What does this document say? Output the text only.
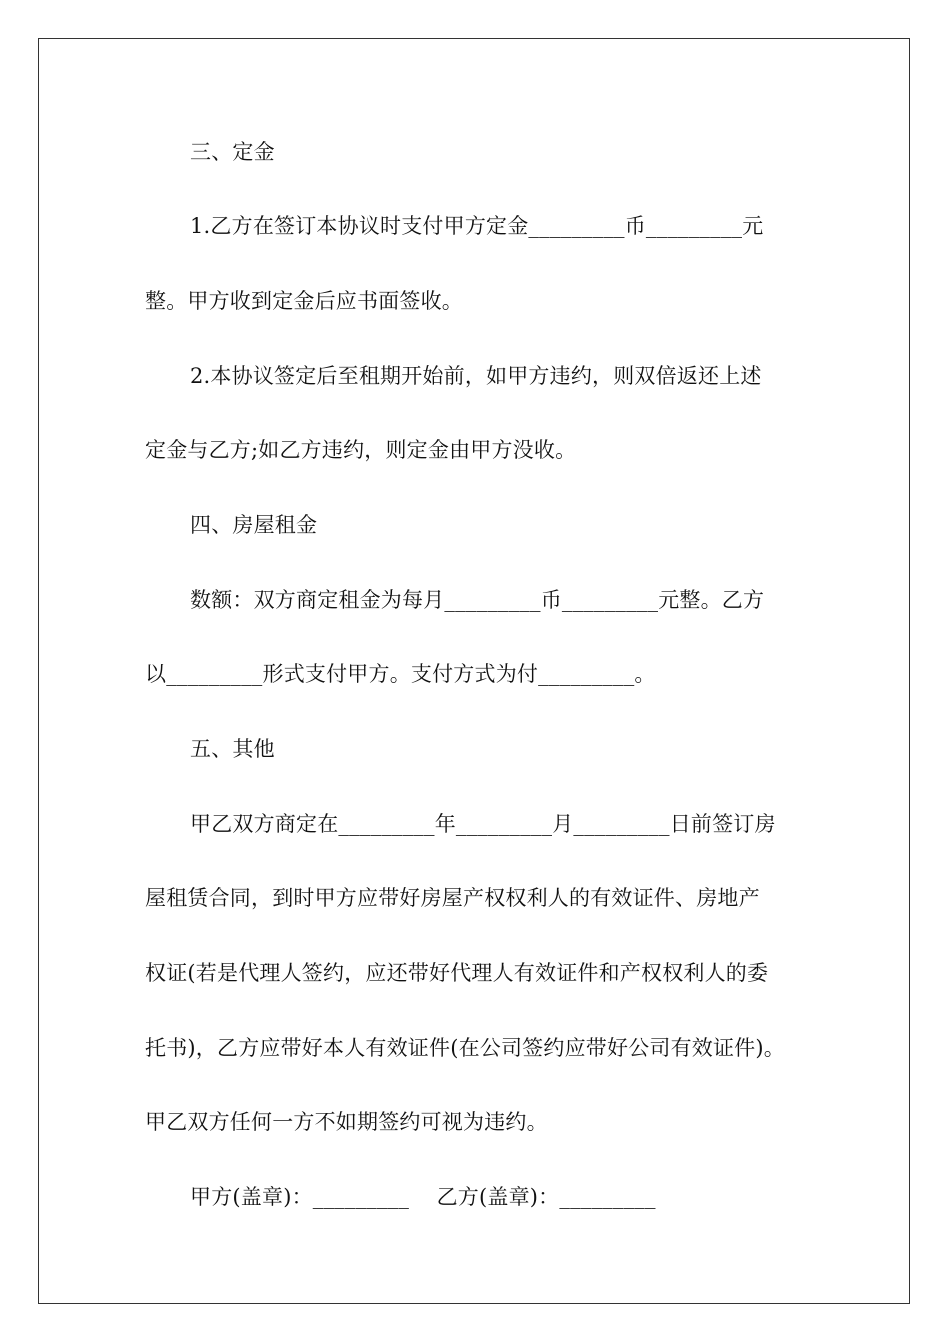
三、定金
1.乙方在签订本协议时支付甲方定金_________币_________元
整。甲方收到定金后应书面签收。
2.本协议签定后至租期开始前，如甲方违约，则双倍返还上述
定金与乙方;如乙方违约，则定金由甲方没收。
四、房屋租金
数额：双方商定租金为每月_________币_________元整。乙方
以_________形式支付甲方。支付方式为付_________。
五、其他
甲乙双方商定在_________年_________月_________日前签订房
屋租赁合同，到时甲方应带好房屋产权权利人的有效证件、房地产
权证(若是代理人签约，应还带好代理人有效证件和产权权利人的委
托书)，乙方应带好本人有效证件(在公司签约应带好公司有效证件)。
甲乙双方任何一方不如期签约可视为违约。
甲方(盖章)：_________    乙方(盖章)：_________
